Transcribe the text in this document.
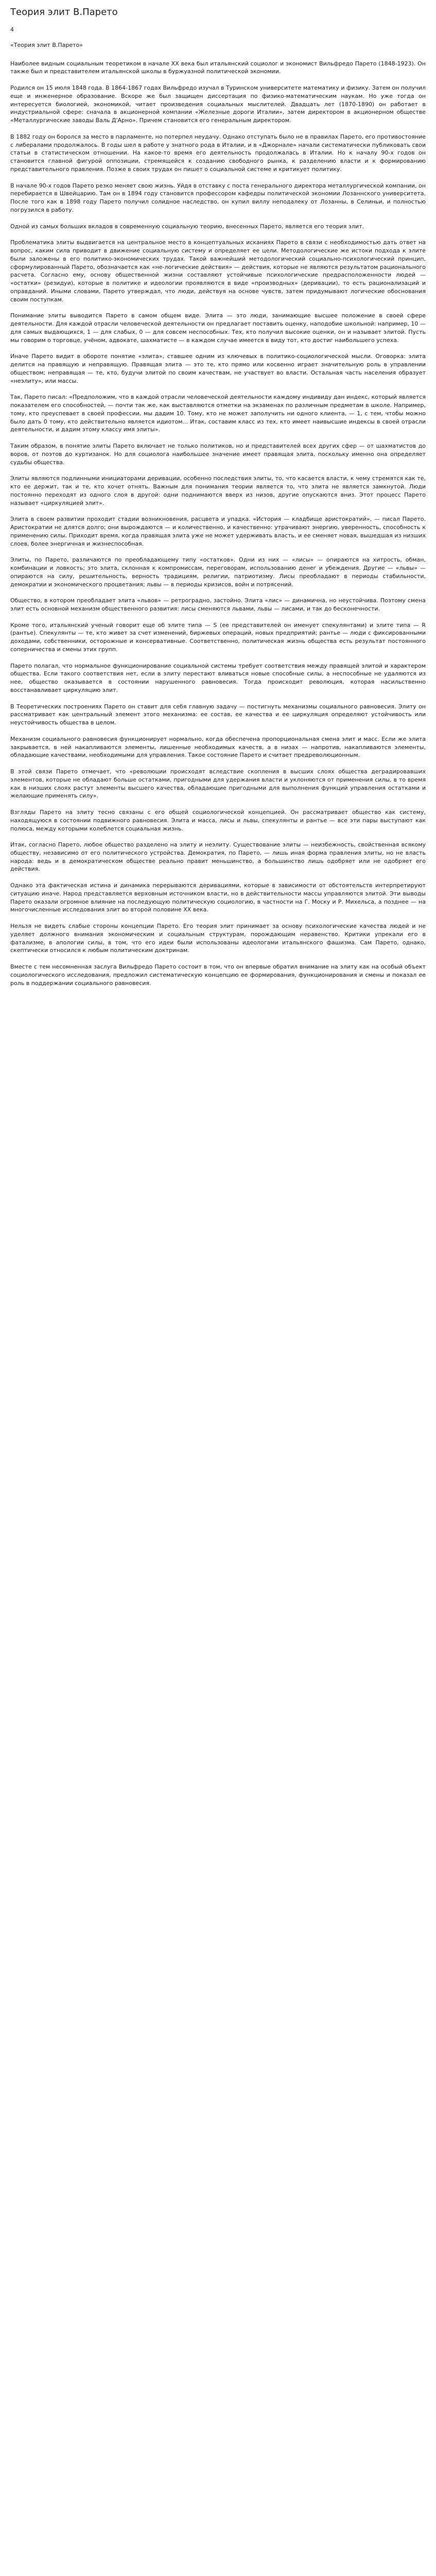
Теория элит В.Парето
4
«Теория элит В.Парето»

Наиболее видным социальным теоретиком в начале XX века был итальянский социолог и экономист Вильфредо Парето (1848-1923). Он также был и представителем итальянской школы в буржуазной политической экономии.

Родился он 15 июля 1848 года. В 1864-1867 годах Вильфредо изучал в Туринском университете математику и физику. Затем он получил еще и инженерное образование. Вскоре же был защищен диссертация по физико-математическим наукам. Но уже тогда он интересуется биологией, экономикой, читает произведения социальных мыслителей. Двадцать лет (1870-1890) он работает в индустриальной сфере: сначала в акционерной компании «Железные дороги Италии», затем директором в акционерном обществе «Металлургические заводы Валь Д'Арно». Причем становится его генеральным директором.

В 1882 году он боролся за место в парламенте, но потерпел неудачу. Однако отступать было не в правилах Парето, его противостояние с либералами продолжалось. В годы шел в работе у знатного рода в Италии, и в «Джорнале» начали систематически публиковать свои статьи в статистическом отношении. На какое-то время его деятельность продолжалась в Италии. Но к началу 90-х годов он становится главной фигурой оппозиции, стремящейся к созданию свободного рынка, к разделению власти и к формированию представительного правления. Позже в своих трудах он пишет о социальной системе и критикует политику.

В начале 90-х годов Парето резко меняет свою жизнь. Уйдя в отставку с поста генерального директора металлургической компании, он перебирается в Швейцарию. Там он в 1894 году становится профессором кафедры политической экономии Лозаннского университета. После того как в 1898 году Парето получил солидное наследство, он купил виллу неподалеку от Лозанны, в Селиньи, и полностью погрузился в работу.

Одной из самых больших вкладов в современную социальную теорию, внесенных Парето, является его теория элит.

Проблематика элиты выдвигается на центральное место в концептуальных исканиях Парето в связи с необходимостью дать ответ на вопрос, каким сила приводит в движение социальную систему и определяет ее цели. Методологические же истоки подхода к элите были заложены в его политико-экономических трудах. Такой важнейший методологический социально-психологический принцип, сформулированный Парето, обозначается как «не-логические действия» — действия, которые не являются результатом рационального расчета. Согласно ему, основу общественной жизни составляют устойчивые психологические предрасположенности людей — «остатки» (резидуи), которые в политике и идеологии проявляются в виде «производных» (деривации), то есть рационализаций и оправданий. Иными словами, Парето утверждал, что люди, действуя на основе чувств, затем придумывают логические обоснования своим поступкам.

Понимание элиты выводится Парето в самом общем виде. Элита — это люди, занимающие высшее положение в своей сфере деятельности. Для каждой отрасли человеческой деятельности он предлагает поставить оценку, наподобие школьной: например, 10 — для самых выдающихся, 1 — для слабых, 0 — для совсем неспособных. Тех, кто получил высокие оценки, он и называет элитой. Пусть мы говорим о торговце, учёном, адвокате, шахматисте — в каждом случае имеется в виду тот, кто достиг наибольшего успеха.

Иначе Парето видит в обороте понятие «элита», ставшее одним из ключевых в политико-социологической мысли. Оговорка: элита делится на правящую и неправящую. Правящая элита — это те, кто прямо или косвенно играет значительную роль в управлении обществом; неправящая — те, кто, будучи элитой по своим качествам, не участвует во власти. Остальная часть населения образует «неэлиту», или массы.

Так, Парето писал: «Предположим, что в каждой отрасли человеческой деятельности каждому индивиду дан индекс, который является показателем его способностей, — почти так же, как выставляются отметки на экзаменах по различным предметам в школе. Например, тому, кто преуспевает в своей профессии, мы дадим 10. Тому, кто не может заполучить ни одного клиента, — 1, с тем, чтобы можно было дать 0 тому, кто действительно является идиотом... Итак, составим класс из тех, кто имеет наивысшие индексы в своей отрасли деятельности, и дадим этому классу имя элиты».

Таким образом, в понятие элиты Парето включает не только политиков, но и представителей всех других сфер — от шахматистов до воров, от поэтов до куртизанок. Но для социолога наибольшее значение имеет правящая элита, поскольку именно она определяет судьбы общества.

Элиты являются подлинными инициаторами деривации, особенно последствия элиты, то, что касается власти, к чему стремятся как те, кто ее держит, так и те, кто хочет отнять. Важным для понимания теории является то, что элита не является замкнутой. Люди постоянно переходят из одного слоя в другой: одни поднимаются вверх из низов, другие опускаются вниз. Этот процесс Парето называет «циркуляцией элит».

Элита в своем развитии проходит стадии возникновения, расцвета и упадка. «История — кладбище аристократий», — писал Парето. Аристократии не длятся долго; они вырождаются — и количественно, и качественно: утрачивают энергию, уверенность, способность к применению силы. Приходит время, когда правящая элита уже не может удерживать власть, и ее сменяет новая, вышедшая из низших слоев, более энергичная и жизнеспособная.

Элиты, по Парето, различаются по преобладающему типу «остатков». Одни из них — «лисы» — опираются на хитрость, обман, комбинации и ловкость; это элита, склонная к компромиссам, переговорам, использованию денег и убеждения. Другие — «львы» — опираются на силу, решительность, верность традициям, религии, патриотизму. Лисы преобладают в периоды стабильности, демократии и экономического процветания; львы — в периоды кризисов, войн и потрясений.

Общество, в котором преобладает элита «львов» — ретроградно, застойно. Элита «лис» — динамична, но неустойчива. Поэтому смена элит есть основной механизм общественного развития: лисы сменяются львами, львы — лисами, и так до бесконечности.

Кроме того, итальянский ученый говорит еще об элите типа — S (ее представителей он именует спекулянтами) и элите типа — R (рантье). Спекулянты — те, кто живет за счет изменений, биржевых операций, новых предприятий; рантье — люди с фиксированными доходами, собственники, осторожные и консервативные. Соответственно, политическая жизнь общества есть результат постоянного соперничества и смены этих групп.

Парето полагал, что нормальное функционирование социальной системы требует соответствия между правящей элитой и характером общества. Если такого соответствия нет, если в элиту перестают вливаться новые способные силы, а неспособные не удаляются из нее, общество оказывается в состоянии нарушенного равновесия. Тогда происходит революция, которая насильственно восстанавливает циркуляцию элит.

В Теоретических построениях Парето он ставит для себя главную задачу — постигнуть механизмы социального равновесия. Элиту он рассматривает как центральный элемент этого механизма: ее состав, ее качества и ее циркуляция определяют устойчивость или неустойчивость общества в целом.

Механизм социального равновесия функционирует нормально, когда обеспечена пропорциональная смена элит и масс. Если же элита закрывается, в ней накапливаются элементы, лишенные необходимых качеств, а в низах — напротив, накапливаются элементы, обладающие качествами, необходимыми для управления. Такое состояние Парето и считает предреволюционным.

В этой связи Парето отмечает, что «революции происходят вследствие скопления в высших слоях общества деградировавших элементов, которые не обладают больше остатками, пригодными для удержания власти и уклоняются от применения силы, в то время как в низших слоях растут элементы высшего качества, обладающие пригодными для выполнения функций управления остатками и желающие применять силу».

Взгляды Парето на элиту тесно связаны с его общей социологической концепцией. Он рассматривает общество как систему, находящуюся в состоянии подвижного равновесия. Элита и масса, лисы и львы, спекулянты и рантье — все эти пары выступают как полюса, между которыми колеблется социальная жизнь.

Итак, согласно Парето, любое общество разделено на элиту и неэлиту. Существование элиты — неизбежность, свойственная всякому обществу, независимо от его политического устройства. Демократия, по Парето, — лишь иная форма правления элиты, но не власть народа: ведь и в демократическом обществе реально правит меньшинство, а большинство лишь одобряет или не одобряет его действия.

Однако эта фактическая истина и динамика перерываются деривациями, которые в зависимости от обстоятельств интерпретируют ситуацию иначе. Народ представляется верховным источником власти, но в действительности массы управляются элитой. Эти выводы Парето оказали огромное влияние на последующую политическую социологию, в частности на Г. Моску и Р. Михельса, а позднее — на многочисленные исследования элит во второй половине XX века.

Нельзя не видеть слабые стороны концепции Парето. Его теория элит принимает за основу психологические качества людей и не уделяет должного внимания экономическим и социальным структурам, порождающим неравенство. Критики упрекали его в фатализме, в апологии силы, в том, что его идеи были использованы идеологами итальянского фашизма. Сам Парето, однако, скептически относился к любым политическим доктринам.

Вместе с тем несомненная заслуга Вильфредо Парето состоит в том, что он впервые обратил внимание на элиту как на особый объект социологического исследования, предложил систематическую концепцию ее формирования, функционирования и смены и показал ее роль в поддержании социального равновесия.
